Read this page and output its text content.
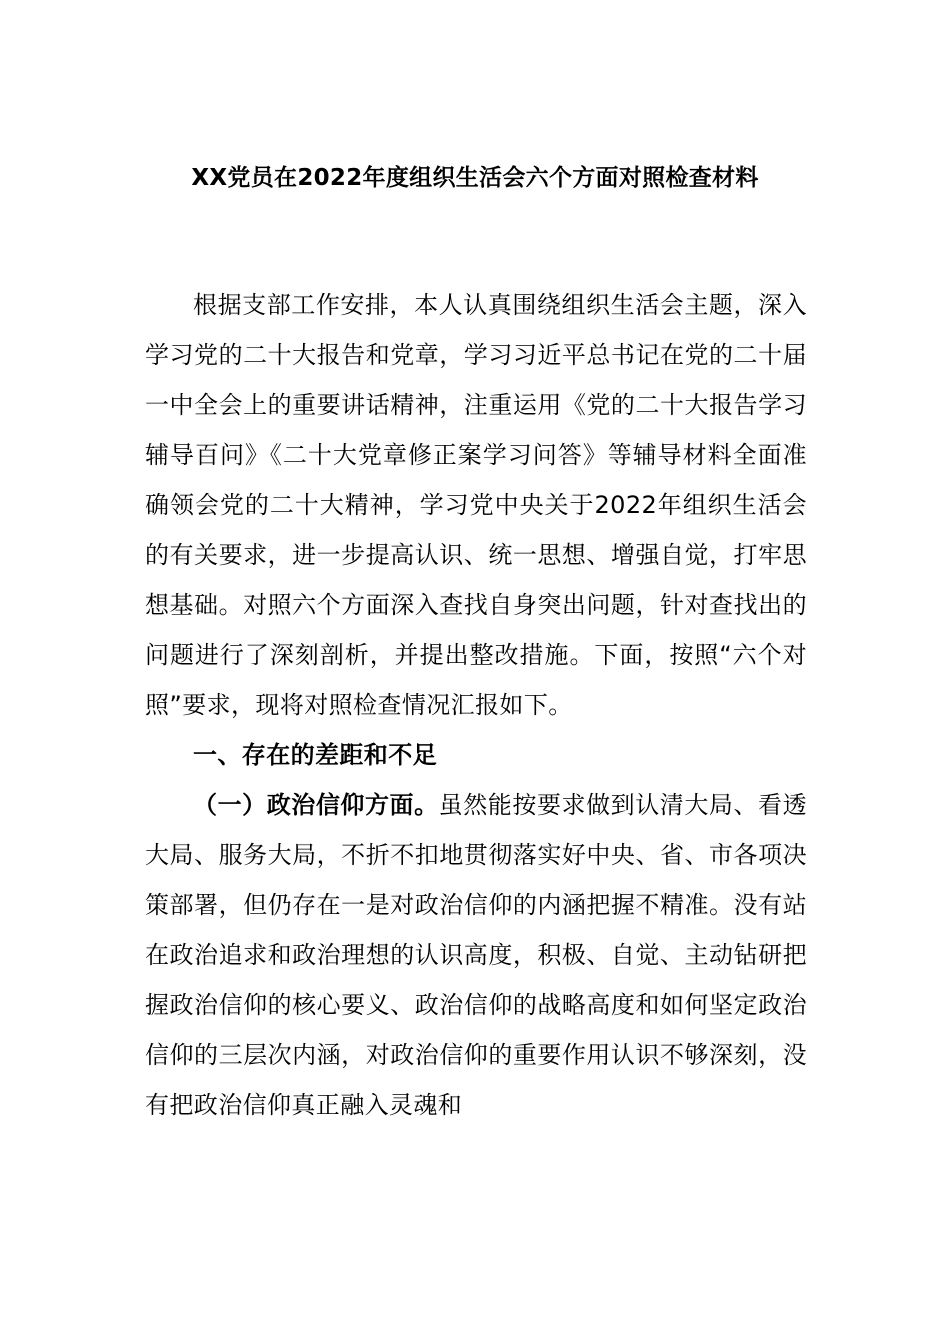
XX党员在2022年度组织生活会六个方面对照检查材料

根据支部工作安排，本人认真围绕组织生活会主题，深入学习党的二十大报告和党章，学习习近平总书记在党的二十届一中全会上的重要讲话精神，注重运用《党的二十大报告学习辅导百问》《二十大党章修正案学习问答》等辅导材料全面准确领会党的二十大精神，学习党中央关于2022年组织生活会的有关要求，进一步提高认识、统一思想、增强自觉，打牢思想基础。对照六个方面深入查找自身突出问题，针对查找出的问题进行了深刻剖析，并提出整改措施。下面，按照“六个对照”要求，现将对照检查情况汇报如下。

一、存在的差距和不足

（一）政治信仰方面。虽然能按要求做到认清大局、看透大局、服务大局，不折不扣地贯彻落实好中央、省、市各项决策部署，但仍存在一是对政治信仰的内涵把握不精准。没有站在政治追求和政治理想的认识高度，积极、自觉、主动钻研把握政治信仰的核心要义、政治信仰的战略高度和如何坚定政治信仰的三层次内涵，对政治信仰的重要作用认识不够深刻，没有把政治信仰真正融入灵魂和
